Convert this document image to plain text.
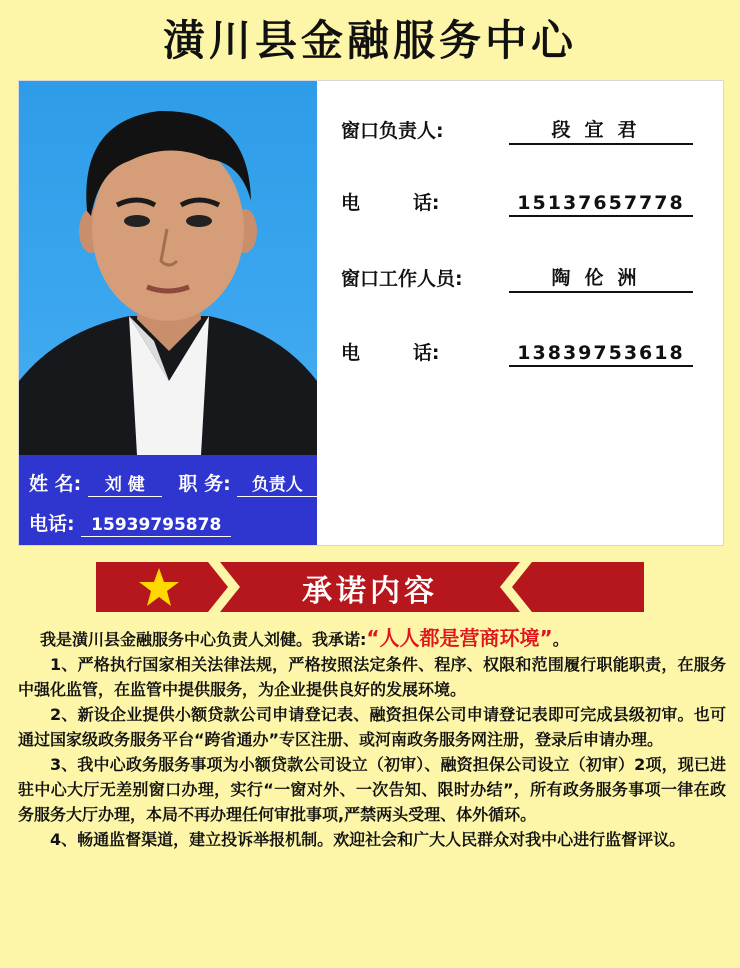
潢川县金融服务中心
姓 名: 刘 健 职 务: 负责人
电话: 15939795878
窗口负责人:	段宜君
电        话:	15137657778
窗口工作人员:	陶伦洲
电        话:	13839753618
承诺内容

我是潢川县金融服务中心负责人刘健。我承诺:“人人都是营商环境”。

1、严格执行国家相关法律法规，严格按照法定条件、程序、权限和范围履行职能职责，在服务中强化监管，在监管中提供服务，为企业提供良好的发展环境。

2、新设企业提供小额贷款公司申请登记表、融资担保公司申请登记表即可完成县级初审。也可通过国家级政务服务平台“跨省通办”专区注册、或河南政务服务网注册，登录后申请办理。

3、我中心政务服务事项为小额贷款公司设立（初审）、融资担保公司设立（初审）2项，现已进驻中心大厅无差别窗口办理，实行“一窗对外、一次告知、限时办结”，所有政务服务事项一律在政务服务大厅办理，本局不再办理任何审批事项,严禁两头受理、体外循环。

4、畅通监督渠道，建立投诉举报机制。欢迎社会和广大人民群众对我中心进行监督评议。
